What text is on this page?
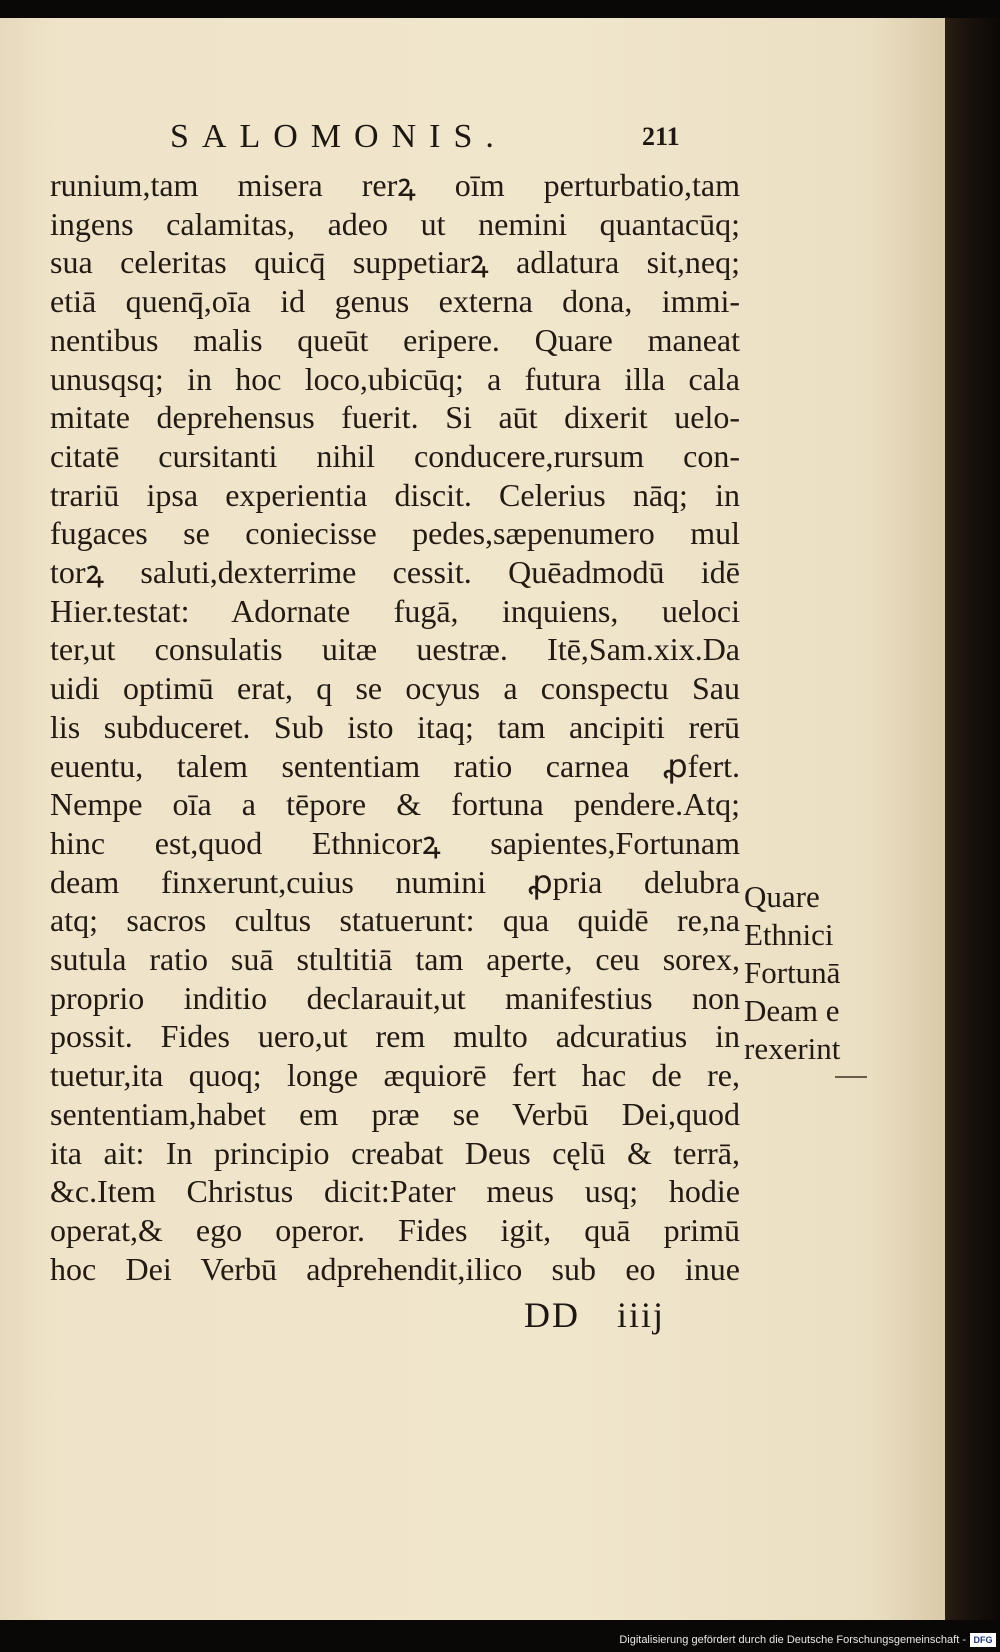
SALOMONIS.	211
runium,tam misera rerꝝ oīm perturbatio,tam
ingens calamitas, adeo ut nemini quantacūq;
sua celeritas quicq̄ suppetiarꝝ adlatura sit,neq;
etiā quenq̄,oīa id genus externa dona, immi-
nentibus malis queūt eripere. Quare maneat
unusqsq; in hoc loco,ubicūq; a futura illa cala
mitate deprehensus fuerit. Si aūt dixerit uelo-
citatē cursitanti nihil conducere,rursum con-
trariū ipsa experientia discit. Celerius nāq; in
fugaces se coniecisse pedes,sæpenumero mul
torꝝ saluti,dexterrime cessit. Quēadmodū idē
Hier.testat: Adornate fugā, inquiens, ueloci
ter,ut consulatis uitæ uestræ. Itē,Sam.xix.Da
uidi optimū erat, q se ocyus a conspectu Sau
lis subduceret. Sub isto itaq; tam ancipiti rerū
euentu, talem sententiam ratio carnea ꝓfert.
Nempe oīa a tēpore & fortuna pendere.Atq;
hinc est,quod Ethnicorꝝ sapientes,Fortunam
deam finxerunt,cuius numini ꝓpria delubra
atq; sacros cultus statuerunt: qua quidē re,na
sutula ratio suā stultitiā tam aperte, ceu sorex,
proprio inditio declarauit,ut manifestius non
possit. Fides uero,ut rem multo adcuratius in
tuetur,ita quoq; longe æquiorē fert hac de re,
sententiam,habet em præ se Verbū Dei,quod
ita ait: In principio creabat Deus cęlū & terrā,
&c.Item Christus dicit:Pater meus usq; hodie
operat,& ego operor. Fides igit, quā primū
hoc Dei Verbū adprehendit,ilico sub eo inue
Quare
Ethnici
Fortunā
Deam e
rexerint
DD iiij
Digitalisierung gefördert durch die Deutsche Forschungsgemeinschaft - DFG
